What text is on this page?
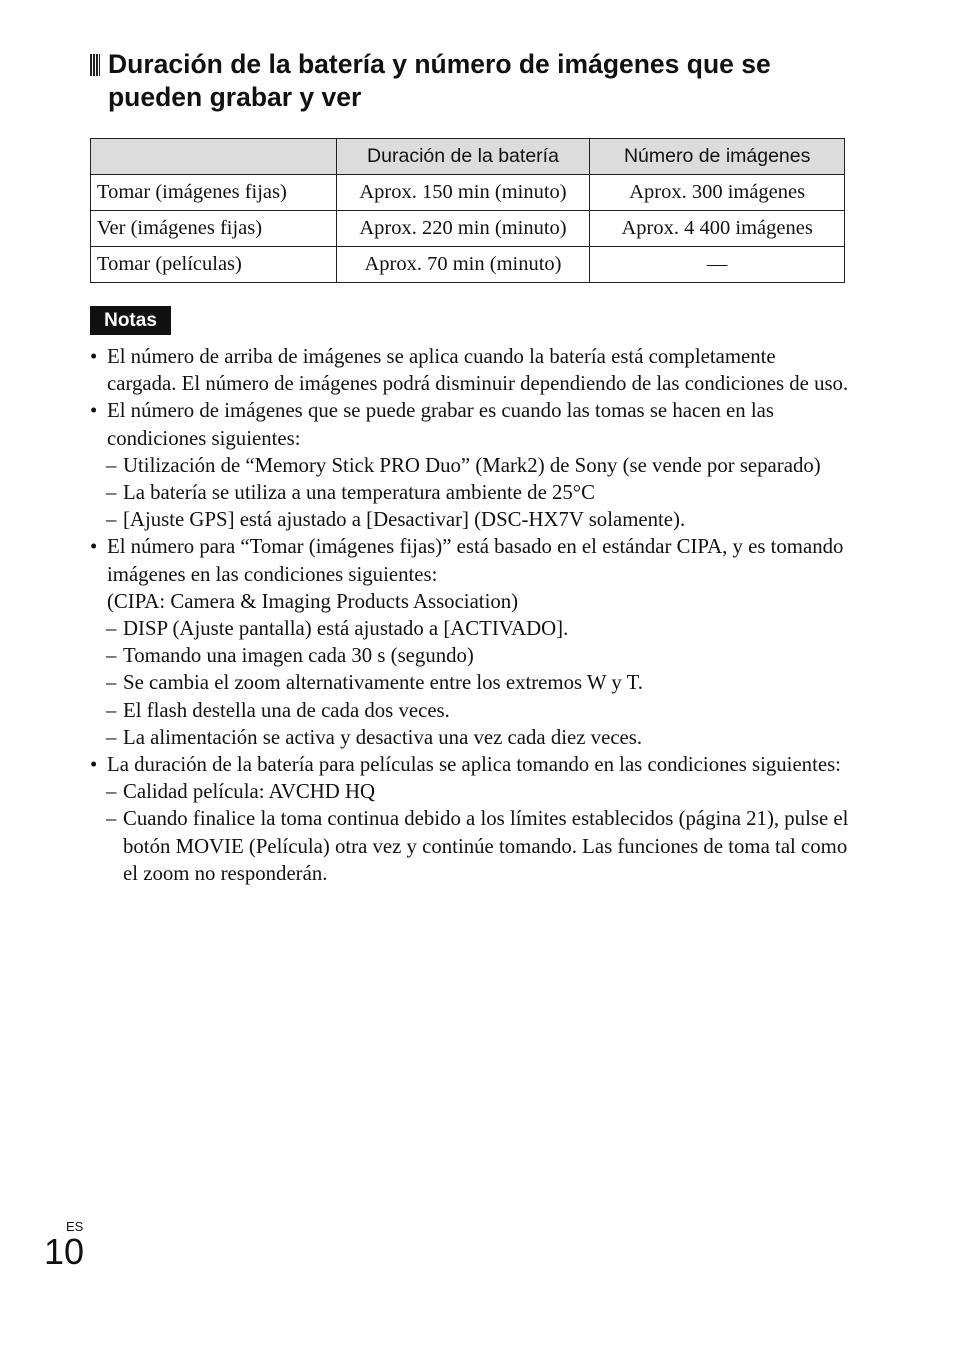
Duración de la batería y número de imágenes que se
pueden grabar y ver
	Duración de la batería	Número de imágenes
Tomar (imágenes fijas)	Aprox. 150 min (minuto)	Aprox. 300 imágenes
Ver (imágenes fijas)	Aprox. 220 min (minuto)	Aprox. 4 400 imágenes
Tomar (películas)	Aprox. 70 min (minuto)	—
Notas
• El número de arriba de imágenes se aplica cuando la batería está completamente cargada. El número de imágenes podrá disminuir dependiendo de las condiciones de uso.
• El número de imágenes que se puede grabar es cuando las tomas se hacen en las condiciones siguientes:
– Utilización de “Memory Stick PRO Duo” (Mark2) de Sony (se vende por separado)
– La batería se utiliza a una temperatura ambiente de 25°C
– [Ajuste GPS] está ajustado a [Desactivar] (DSC-HX7V solamente).
• El número para “Tomar (imágenes fijas)” está basado en el estándar CIPA, y es tomando imágenes en las condiciones siguientes:
(CIPA: Camera & Imaging Products Association)
– DISP (Ajuste pantalla) está ajustado a [ACTIVADO].
– Tomando una imagen cada 30 s (segundo)
– Se cambia el zoom alternativamente entre los extremos W y T.
– El flash destella una de cada dos veces.
– La alimentación se activa y desactiva una vez cada diez veces.
• La duración de la batería para películas se aplica tomando en las condiciones siguientes:
– Calidad película: AVCHD HQ
– Cuando finalice la toma continua debido a los límites establecidos (página 21), pulse el botón MOVIE (Película) otra vez y continúe tomando. Las funciones de toma tal como el zoom no responderán.
ES
10
